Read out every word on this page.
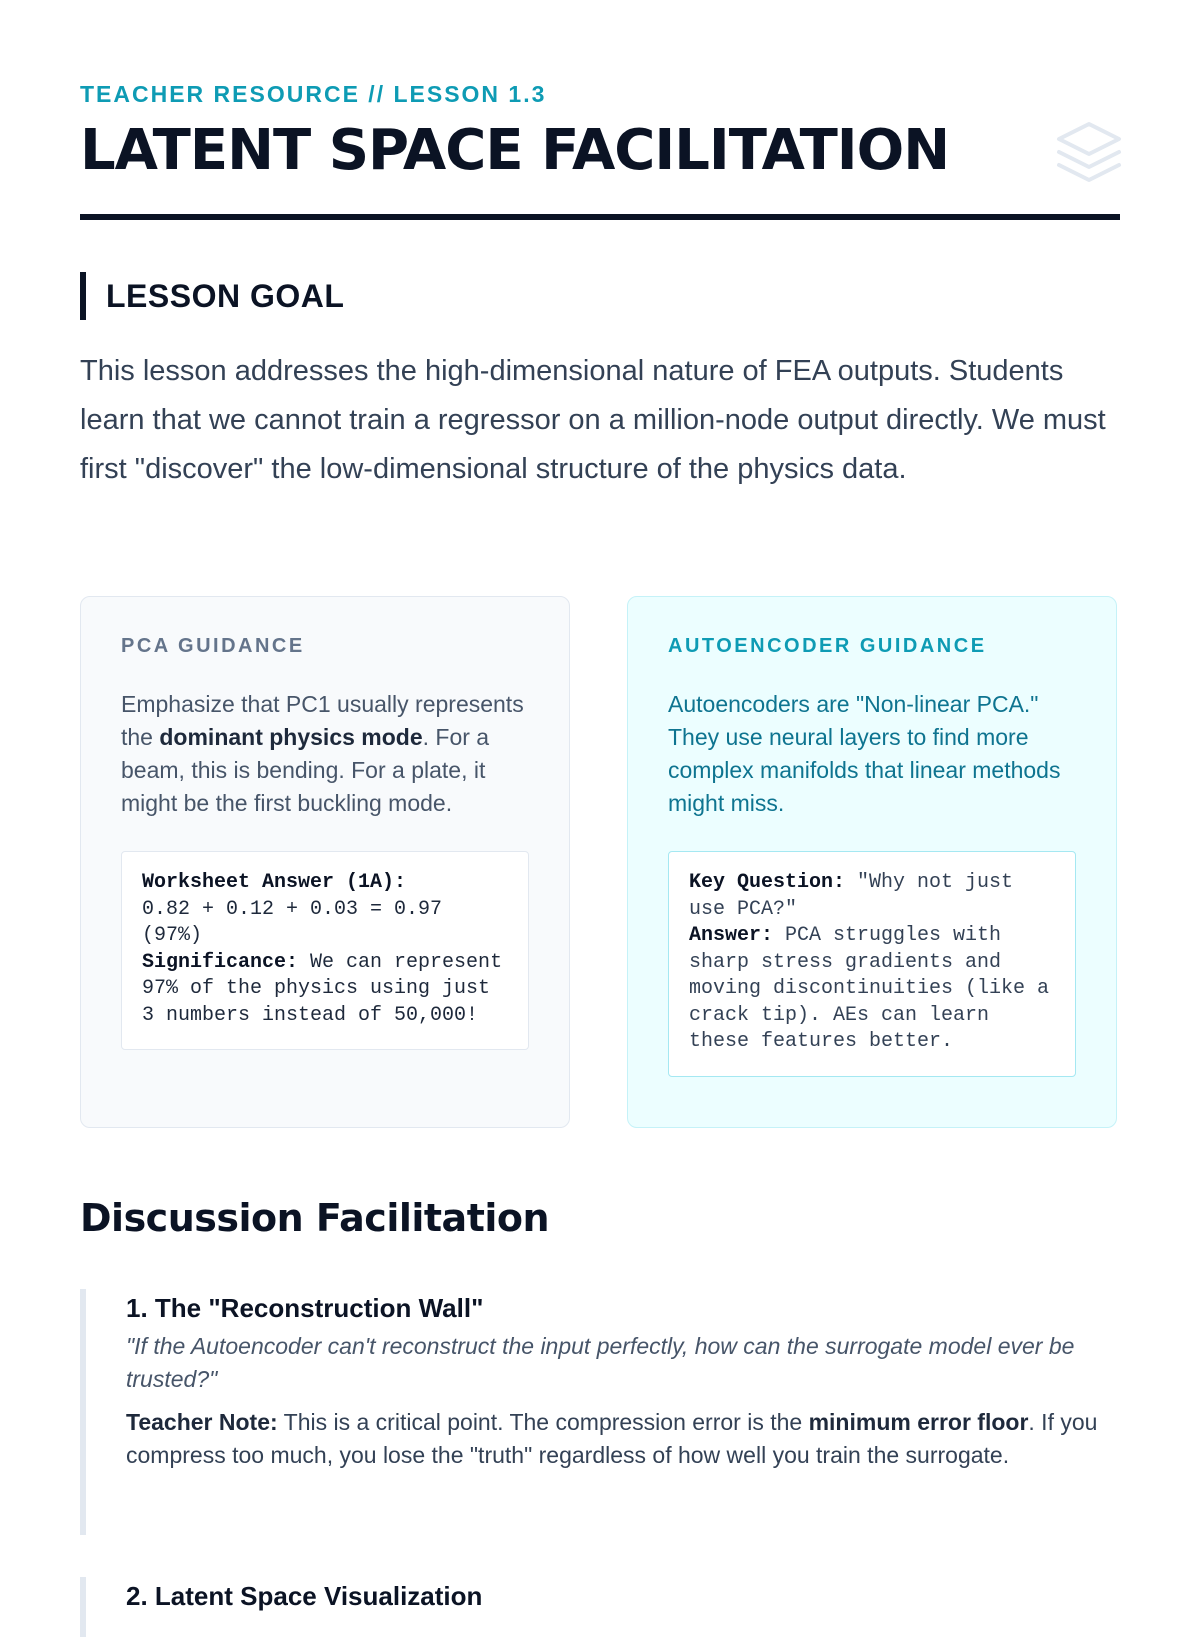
TEACHER RESOURCE // LESSON 1.3
LATENT SPACE FACILITATION
LESSON GOAL

This lesson addresses the high-dimensional nature of FEA outputs. Students learn that we cannot train a regressor on a million-node output directly. We must first "discover" the low-dimensional structure of the physics data.

PCA GUIDANCE

Emphasize that PC1 usually represents the dominant physics mode. For a beam, this is bending. For a plate, it might be the first buckling mode.

Worksheet Answer (1A):
0.82 + 0.12 + 0.03 = 0.97 (97%)
Significance: We can represent 97% of the physics using just 3 numbers instead of 50,000!
AUTOENCODER GUIDANCE

Autoencoders are "Non-linear PCA." They use neural layers to find more complex manifolds that linear methods might miss.

Key Question: "Why not just use PCA?"
Answer: PCA struggles with sharp stress gradients and moving discontinuities (like a crack tip). AEs can learn these features better.
Discussion Facilitation
1. The "Reconstruction Wall"
"If the Autoencoder can't reconstruct the input perfectly, how can the surrogate model ever be trusted?"
Teacher Note: This is a critical point. The compression error is the minimum error floor. If you compress too much, you lose the "truth" regardless of how well you train the surrogate.
2. Latent Space Visualization
